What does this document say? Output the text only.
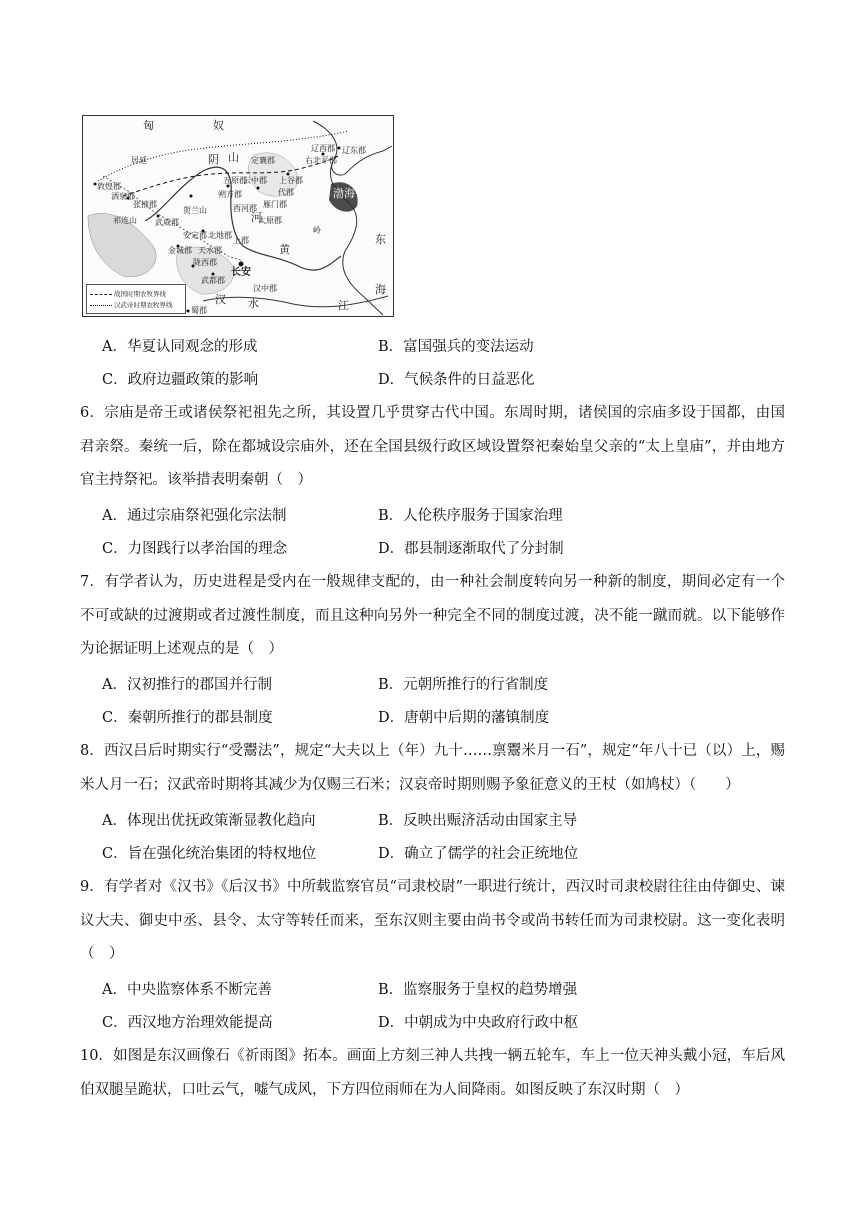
匈	奴
渤海
东
海
长安
汉 水	江
辽东郡
辽西郡
右北平郡
上谷郡
代郡
雁门郡
云中郡
五原郡
朔方郡
西河郡
上郡
北地郡
安定郡
陇西郡
天水郡
武威郡
张掖郡
酒泉郡
敦煌郡
金城郡
太原郡
武都郡
蜀郡
汉中郡
居延	定襄郡
贺兰山
阴 山
河
黄
祁连山
岭
战国时期农牧界线
汉武帝时期农牧界线
A．华夏认同观念的形成	B．富国强兵的变法运动
C．政府边疆政策的影响	D．气候条件的日益恶化
6．宗庙是帝王或诸侯祭祀祖先之所，其设置几乎贯穿古代中国。东周时期，诸侯国的宗庙多设于国都，由国君亲祭。秦统一后，除在都城设宗庙外，还在全国县级行政区域设置祭祀秦始皇父亲的“太上皇庙”，并由地方官主持祭祀。该举措表明秦朝（　）
A．通过宗庙祭祀强化宗法制	B．人伦秩序服务于国家治理
C．力图践行以孝治国的理念	D．郡县制逐渐取代了分封制
7．有学者认为，历史进程是受内在一般规律支配的，由一种社会制度转向另一种新的制度，期间必定有一个不可或缺的过渡期或者过渡性制度，而且这种向另外一种完全不同的制度过渡，决不能一蹴而就。以下能够作为论据证明上述观点的是（　）
A．汉初推行的郡国并行制	B．元朝所推行的行省制度
C．秦朝所推行的郡县制度	D．唐朝中后期的藩镇制度
8．西汉吕后时期实行“受鬻法”，规定“大夫以上（年）九十……禀鬻米月一石”，规定“年八十已（以）上，赐米人月一石；汉武帝时期将其减少为仅赐三石米；汉哀帝时期则赐予象征意义的王杖（如鸠杖）（　　）
A．体现出优抚政策渐显教化趋向	B．反映出赈济活动由国家主导
C．旨在强化统治集团的特权地位	D．确立了儒学的社会正统地位
9．有学者对《汉书》《后汉书》中所载监察官员“司隶校尉”一职进行统计，西汉时司隶校尉往往由侍御史、谏议大夫、御史中丞、县令、太守等转任而来，至东汉则主要由尚书令或尚书转任而为司隶校尉。这一变化表明（　）
A．中央监察体系不断完善	B．监察服务于皇权的趋势增强
C．西汉地方治理效能提高	D．中朝成为中央政府行政中枢
10．如图是东汉画像石《祈雨图》拓本。画面上方刻三神人共拽一辆五轮车，车上一位天神头戴小冠，车后风伯双腿呈跪状，口吐云气，嘘气成风，下方四位雨师在为人间降雨。如图反映了东汉时期（　）
